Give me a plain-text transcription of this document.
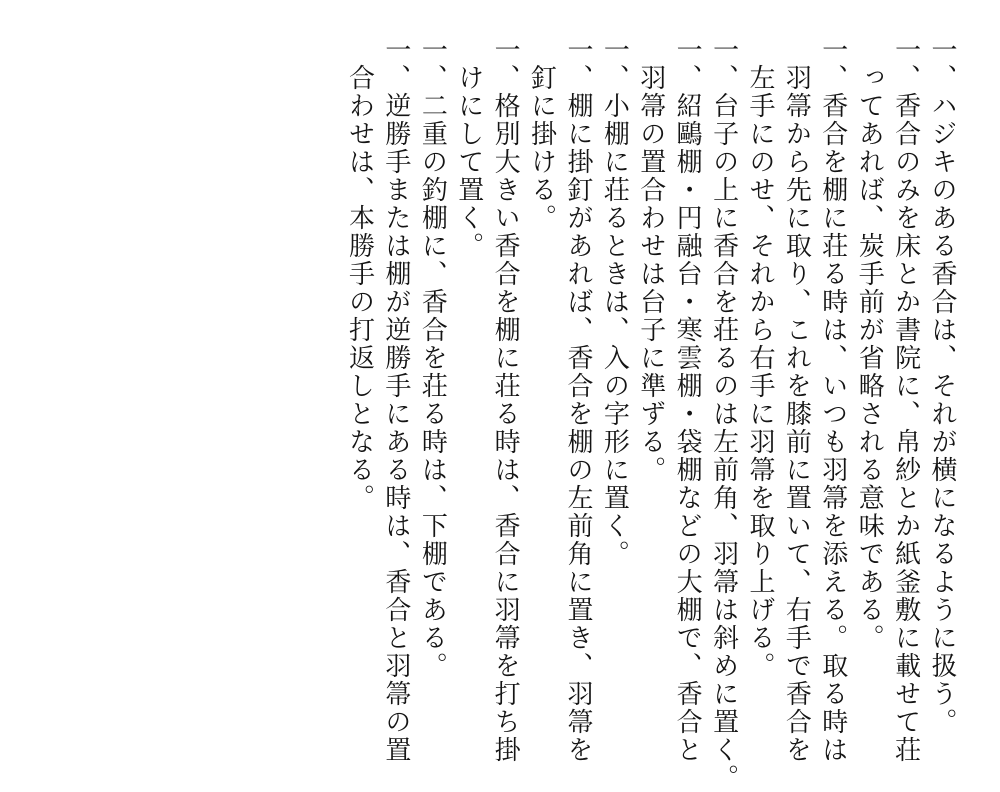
一、ハジキのある香合は、それが横になるように扱う。
一、香合のみを床とか書院に、帛紗とか紙釜敷に載せて荘
　ってあれば、炭手前が省略される意味である。
一、香合を棚に荘る時は、いつも羽箒を添える。取る時は
　羽箒から先に取り、これを膝前に置いて、右手で香合を
　左手にのせ、それから右手に羽箒を取り上げる。
一、台子の上に香合を荘るのは左前角、羽箒は斜めに置く。
一、紹鷗棚・円融台・寒雲棚・袋棚などの大棚で、香合と
　羽箒の置合わせは台子に準ずる。
一、小棚に荘るときは、入の字形に置く。
一、棚に掛釘があれば、香合を棚の左前角に置き、羽箒を
　釘に掛ける。
一、格別大きい香合を棚に荘る時は、香合に羽箒を打ち掛
　けにして置く。
一、二重の釣棚に、香合を荘る時は、下棚である。
一、逆勝手または棚が逆勝手にある時は、香合と羽箒の置
　合わせは、本勝手の打返しとなる。
